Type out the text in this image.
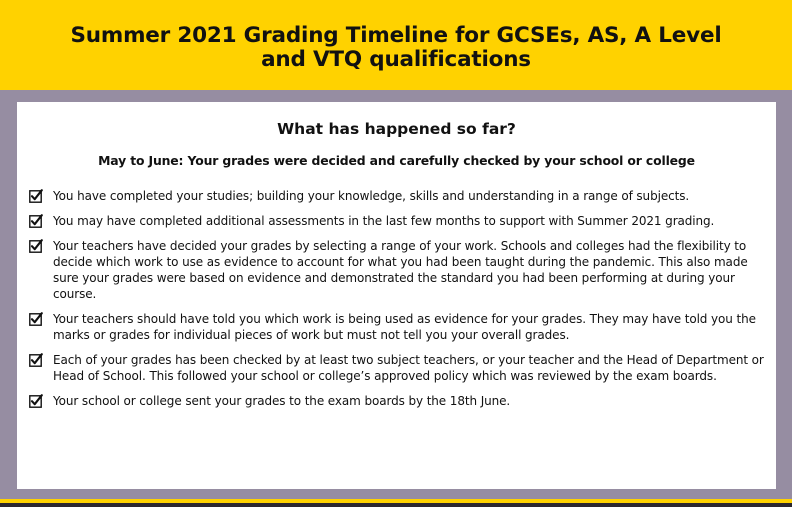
Summer 2021 Grading Timeline for GCSEs, AS, A Level
and VTQ qualifications
What has happened so far?

May to June: Your grades were decided and carefully checked by your school or college

You have completed your studies; building your knowledge, skills and understanding in a range of subjects.
You may have completed additional assessments in the last few months to support with Summer 2021 grading.
Your teachers have decided your grades by selecting a range of your work. Schools and colleges had the flexibility to decide which work to use as evidence to account for what you had been taught during the pandemic. This also made sure your grades were based on evidence and demonstrated the standard you had been performing at during your course.
Your teachers should have told you which work is being used as evidence for your grades. They may have told you the marks or grades for individual pieces of work but must not tell you your overall grades.
Each of your grades has been checked by at least two subject teachers, or your teacher and the Head of Department or Head of School. This followed your school or college’s approved policy which was reviewed by the exam boards.
Your school or college sent your grades to the exam boards by the 18th June.
